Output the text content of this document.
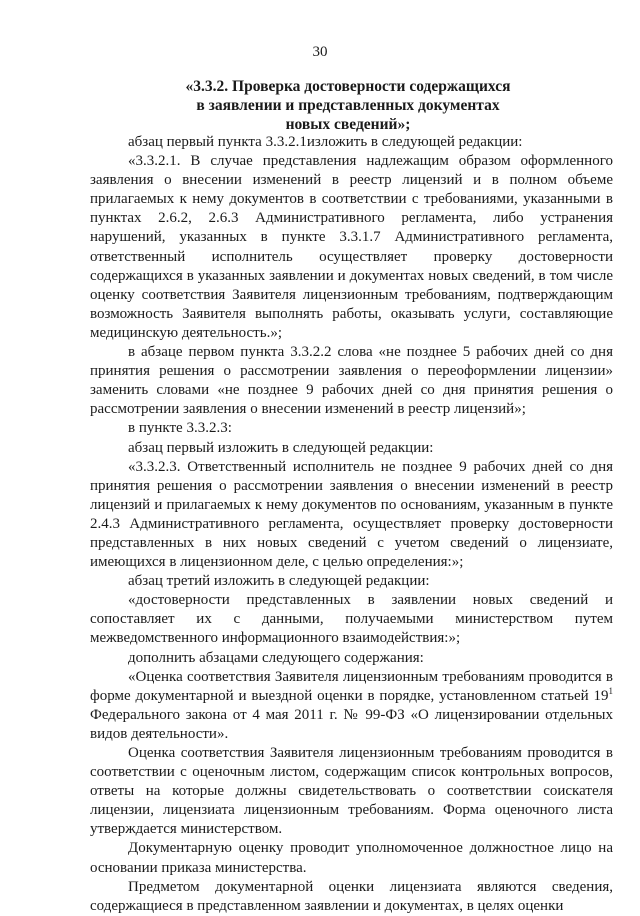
30
«3.3.2. Проверка достоверности содержащихся
в заявлении и представленных документах
новых сведений»;

абзац первый пункта 3.3.2.1изложить в следующей редакции:

«3.3.2.1. В случае представления надлежащим образом оформленного заявления о внесении изменений в реестр лицензий и в полном объеме прилагаемых к нему документов в соответствии с требованиями, указанными в пунктах 2.6.2, 2.6.3 Административного регламента, либо устранения нарушений, указанных в пункте 3.3.1.7 Административного регламента, ответственный исполнитель осуществляет проверку достоверности содержащихся в указанных заявлении и документах новых сведений, в том числе оценку соответствия Заявителя лицензионным требованиям, подтверждающим возможность Заявителя выполнять работы, оказывать услуги, составляющие медицинскую деятельность.»;

в абзаце первом пункта 3.3.2.2 слова «не позднее 5 рабочих дней со дня принятия решения о рассмотрении заявления о переоформлении лицензии» заменить словами «не позднее 9 рабочих дней со дня принятия решения о рассмотрении заявления о внесении изменений в реестр лицензий»;

в пункте 3.3.2.3:

абзац первый изложить в следующей редакции:

«3.3.2.3. Ответственный исполнитель не позднее 9 рабочих дней со дня принятия решения о рассмотрении заявления о внесении изменений в реестр лицензий и прилагаемых к нему документов по основаниям, указанным в пункте 2.4.3 Административного регламента, осуществляет проверку достоверности представленных в них новых сведений с учетом сведений о лицензиате, имеющихся в лицензионном деле, с целью определения:»;

абзац третий изложить в следующей редакции:

«достоверности представленных в заявлении новых сведений и сопоставляет их с данными, получаемыми министерством путем межведомственного информационного взаимодействия:»;

дополнить абзацами следующего содержания:

«Оценка соответствия Заявителя лицензионным требованиям проводится в форме документарной и выездной оценки в порядке, установленном статьей $19^1$ Федерального закона от 4 мая 2011 г. № 99-ФЗ «О лицензировании отдельных видов деятельности».

Оценка соответствия Заявителя лицензионным требованиям проводится в соответствии с оценочным листом, содержащим список контрольных вопросов, ответы на которые должны свидетельствовать о соответствии соискателя лицензии, лицензиата лицензионным требованиям. Форма оценочного листа утверждается министерством.

Документарную оценку проводит уполномоченное должностное лицо на основании приказа министерства.

Предметом документарной оценки лицензиата являются сведения, содержащиеся в представленном заявлении и документах, в целях оценки
